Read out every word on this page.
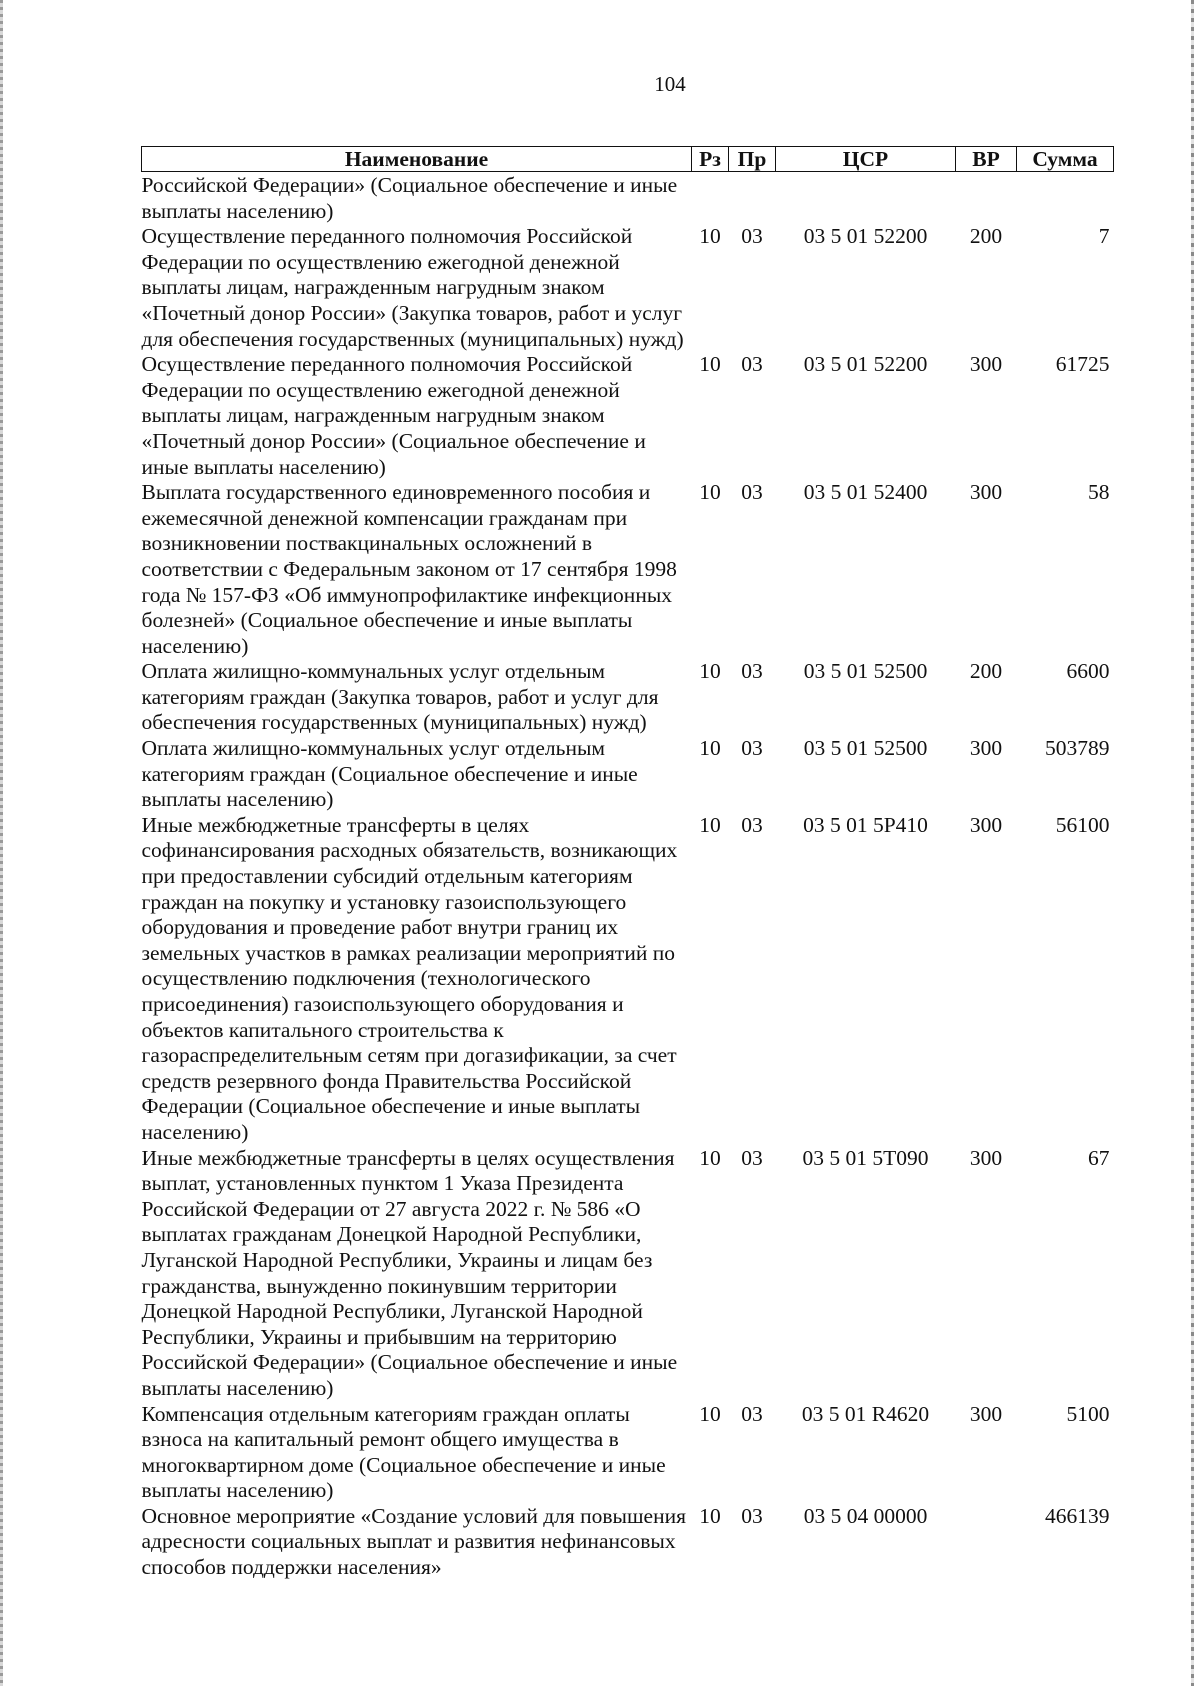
104
Наименование	Рз	Пр	ЦСР	ВР	Сумма
Российской Федерации» (Социальное обеспечение и иные выплаты населению)					
Осуществление переданного полномочия Российской Федерации по осуществлению ежегодной денежной выплаты лицам, награжденным нагрудным знаком «Почетный донор России» (Закупка товаров, работ и услуг для обеспечения государственных (муниципальных) нужд)	10	03	03 5 01 52200	200	7
Осуществление переданного полномочия Российской Федерации по осуществлению ежегодной денежной выплаты лицам, награжденным нагрудным знаком «Почетный донор России» (Социальное обеспечение и иные выплаты населению)	10	03	03 5 01 52200	300	61725
Выплата государственного единовременного пособия и ежемесячной денежной компенсации гражданам при возникновении поствакцинальных осложнений в соответствии с Федеральным законом от 17 сентября 1998 года № 157-ФЗ «Об иммунопрофилактике инфекционных болезней» (Социальное обеспечение и иные выплаты населению)	10	03	03 5 01 52400	300	58
Оплата жилищно-коммунальных услуг отдельным категориям граждан (Закупка товаров, работ и услуг для обеспечения государственных (муниципальных) нужд)	10	03	03 5 01 52500	200	6600
Оплата жилищно-коммунальных услуг отдельным категориям граждан (Социальное обеспечение и иные выплаты населению)	10	03	03 5 01 52500	300	503789
Иные межбюджетные трансферты в целях софинансирования расходных обязательств, возникающих при предоставлении субсидий отдельным категориям граждан на покупку и установку газоиспользующего оборудования и проведение работ внутри границ их земельных участков в рамках реализации мероприятий по осуществлению подключения (технологического присоединения) газоиспользующего оборудования и объектов капитального строительства к газораспределительным сетям при догазификации, за счет средств резервного фонда Правительства Российской Федерации (Социальное обеспечение и иные выплаты населению)	10	03	03 5 01 5P410	300	56100
Иные межбюджетные трансферты в целях осуществления выплат, установленных пунктом 1 Указа Президента Российской Федерации от 27 августа 2022 г. № 586 «О выплатах гражданам Донецкой Народной Республики, Луганской Народной Республики, Украины и лицам без гражданства, вынужденно покинувшим территории Донецкой Народной Республики, Луганской Народной Республики, Украины и прибывшим на территорию Российской Федерации» (Социальное обеспечение и иные выплаты населению)	10	03	03 5 01 5T090	300	67
Компенсация отдельным категориям граждан оплаты взноса на капитальный ремонт общего имущества в многоквартирном доме (Социальное обеспечение и иные выплаты населению)	10	03	03 5 01 R4620	300	5100
Основное мероприятие «Создание условий для повышения адресности социальных выплат и развития нефинансовых способов поддержки населения»	10	03	03 5 04 00000		466139
